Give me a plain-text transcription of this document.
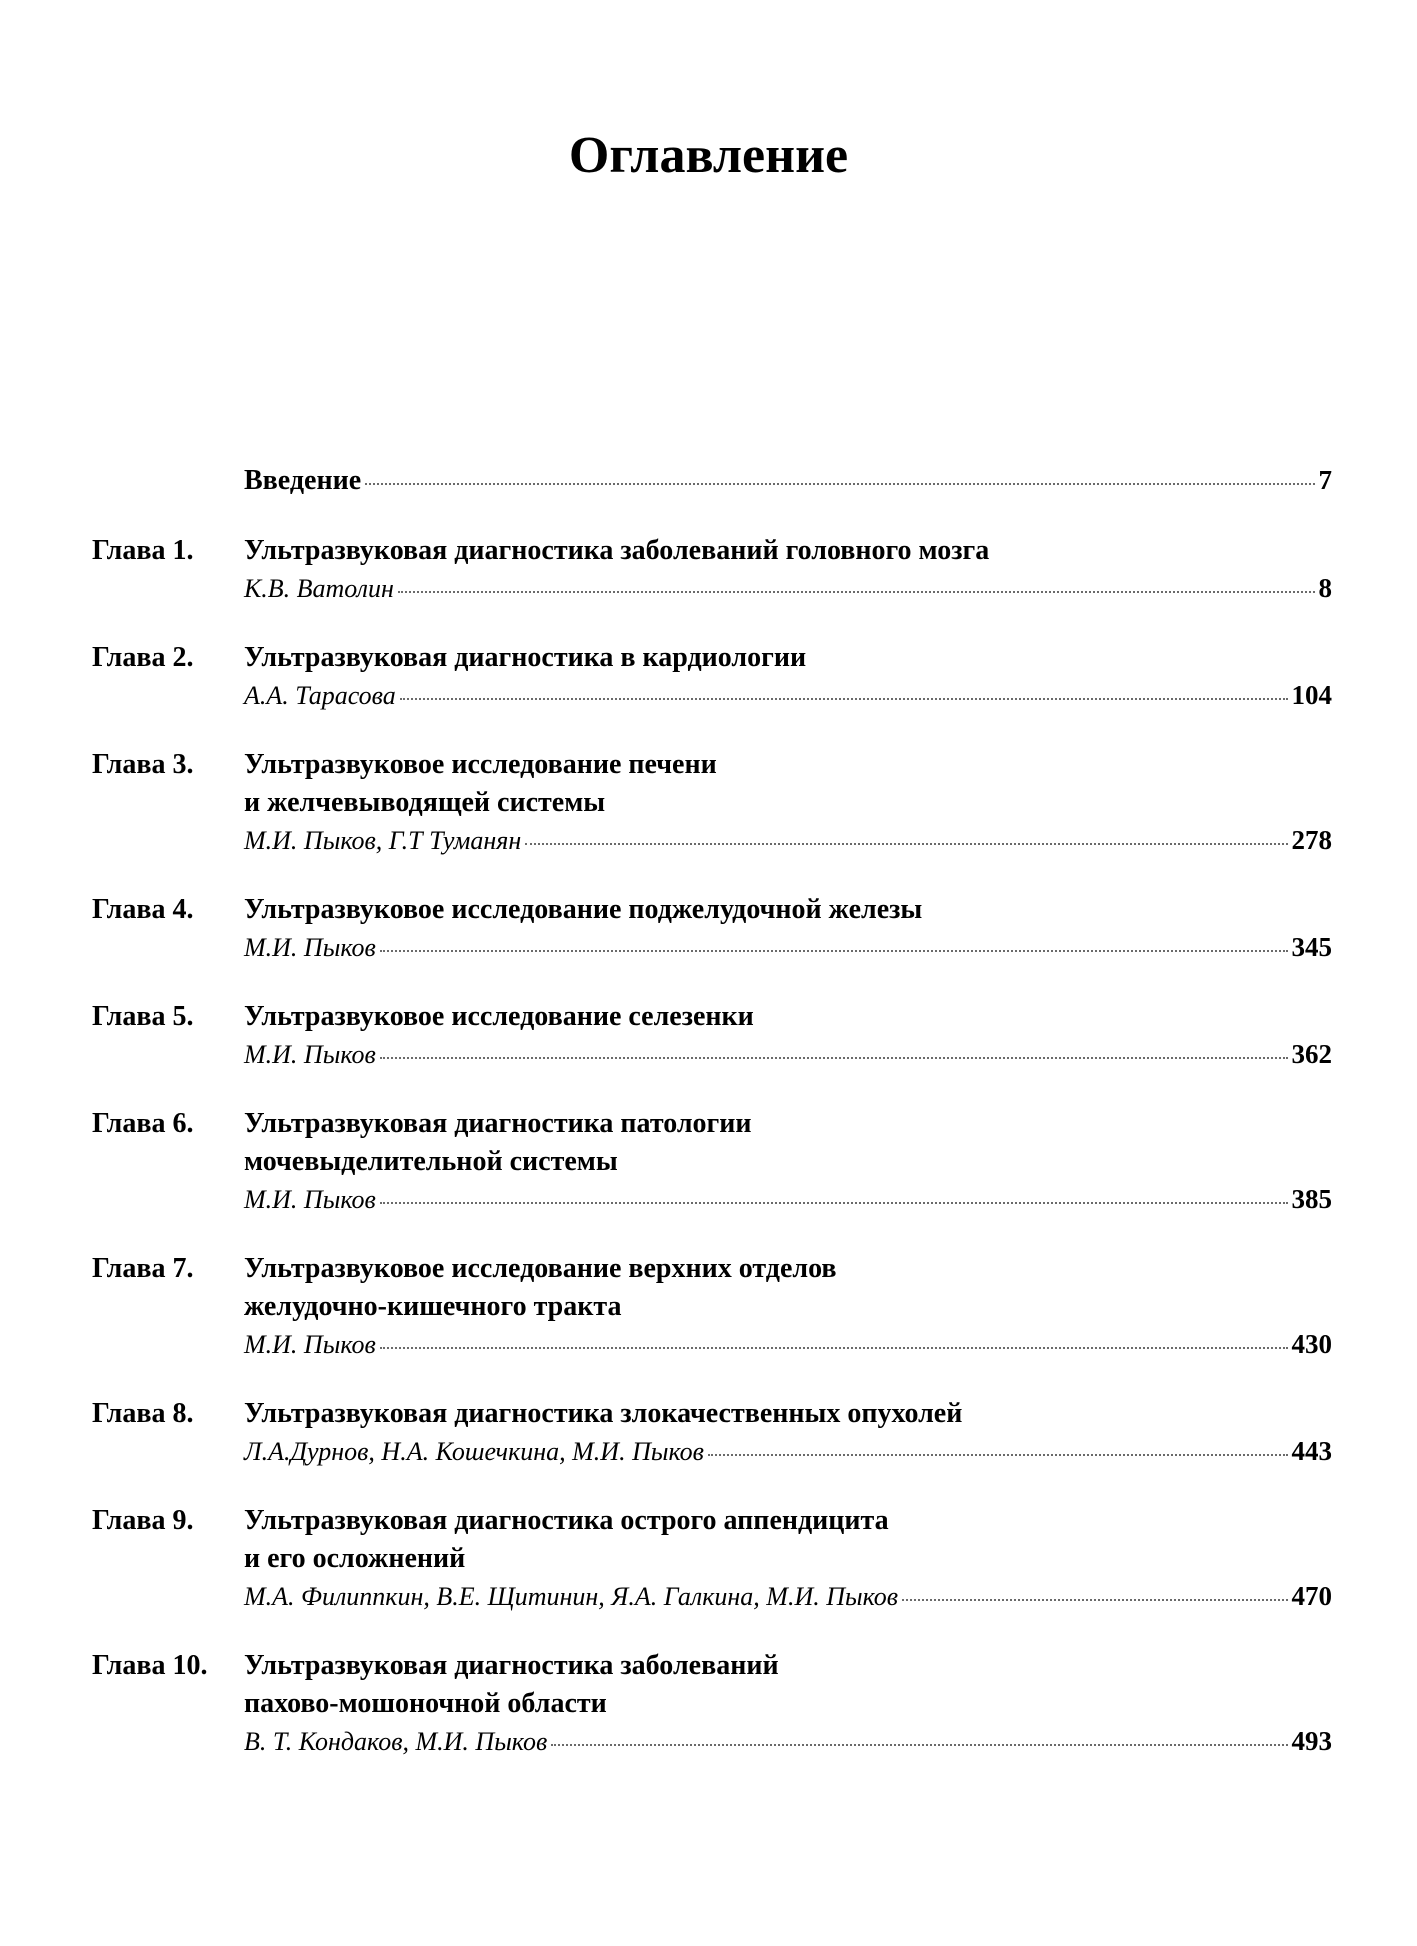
Оглавление
Введение	7
Глава 1. Ультразвуковая диагностика заболеваний головного мозга
К.В. Ватолин	8
Глава 2. Ультразвуковая диагностика в кардиологии
А.А. Тарасова	104
Глава 3. Ультразвуковое исследование печени
и желчевыводящей системы
М.И. Пыков, Г.Т Туманян	278
Глава 4. Ультразвуковое исследование поджелудочной железы
М.И. Пыков	345
Глава 5. Ультразвуковое исследование селезенки
М.И. Пыков	362
Глава 6. Ультразвуковая диагностика патологии
мочевыделительной системы
М.И. Пыков	385
Глава 7. Ультразвуковое исследование верхних отделов
желудочно-кишечного тракта
М.И. Пыков	430
Глава 8. Ультразвуковая диагностика злокачественных опухолей
Л.А.Дурнов, Н.А. Кошечкина, М.И. Пыков	443
Глава 9. Ультразвуковая диагностика острого аппендицита
и его осложнений
М.А. Филиппкин, В.Е. Щитинин, Я.А. Галкина, М.И. Пыков	470
Глава 10. Ультразвуковая диагностика заболеваний
пахово-мошоночной области
В. Т. Кондаков, М.И. Пыков	493
